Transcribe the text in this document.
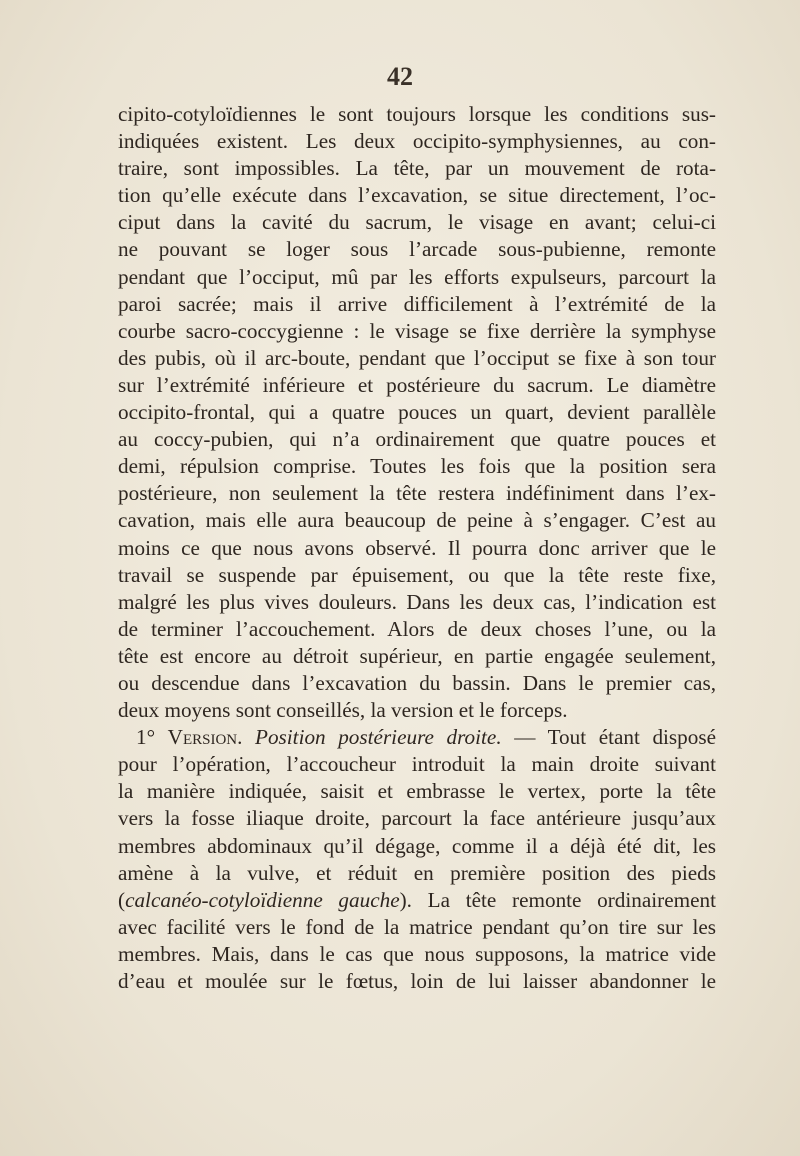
42
cipito-cotyloïdiennes le sont toujours lorsque les conditions sus-
indiquées existent. Les deux occipito-symphysiennes, au con-
traire, sont impossibles. La tête, par un mouvement de rota-
tion qu’elle exécute dans l’excavation, se situe directement, l’oc-
ciput dans la cavité du sacrum, le visage en avant; celui-ci
ne pouvant se loger sous l’arcade sous-pubienne, remonte
pendant que l’occiput, mû par les efforts expulseurs, parcourt la
paroi sacrée; mais il arrive difficilement à l’extrémité de la
courbe sacro-coccygienne : le visage se fixe derrière la symphyse
des pubis, où il arc-boute, pendant que l’occiput se fixe à son tour
sur l’extrémité inférieure et postérieure du sacrum. Le diamètre
occipito-frontal, qui a quatre pouces un quart, devient parallèle
au coccy-pubien, qui n’a ordinairement que quatre pouces et
demi, répulsion comprise. Toutes les fois que la position sera
postérieure, non seulement la tête restera indéfiniment dans l’ex-
cavation, mais elle aura beaucoup de peine à s’engager. C’est au
moins ce que nous avons observé. Il pourra donc arriver que le
travail se suspende par épuisement, ou que la tête reste fixe,
malgré les plus vives douleurs. Dans les deux cas, l’indication est
de terminer l’accouchement. Alors de deux choses l’une, ou la
tête est encore au détroit supérieur, en partie engagée seulement,
ou descendue dans l’excavation du bassin. Dans le premier cas,
deux moyens sont conseillés, la version et le forceps.
1° Version. Position postérieure droite. — Tout étant disposé
pour l’opération, l’accoucheur introduit la main droite suivant
la manière indiquée, saisit et embrasse le vertex, porte la tête
vers la fosse iliaque droite, parcourt la face antérieure jusqu’aux
membres abdominaux qu’il dégage, comme il a déjà été dit, les
amène à la vulve, et réduit en première position des pieds
(calcanéo-cotyloïdienne gauche). La tête remonte ordinairement
avec facilité vers le fond de la matrice pendant qu’on tire sur les
membres. Mais, dans le cas que nous supposons, la matrice vide
d’eau et moulée sur le fœtus, loin de lui laisser abandonner le
